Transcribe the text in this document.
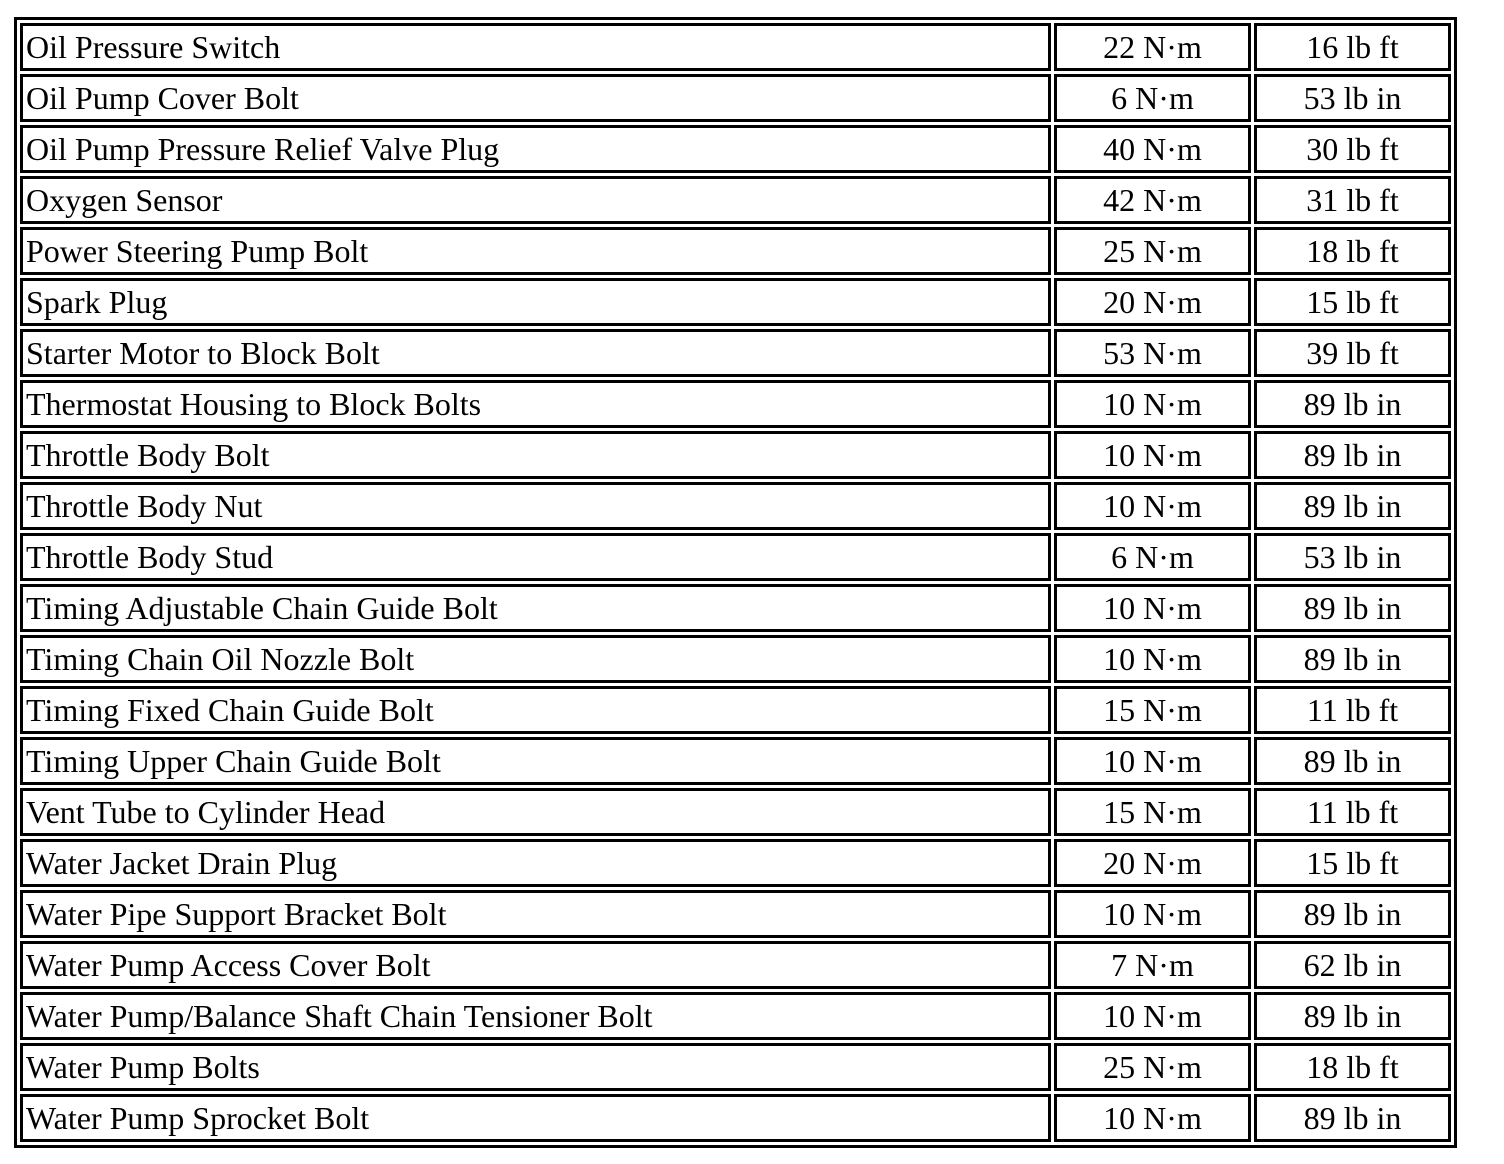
Oil Pressure Switch	22 N·m	16 lb ft
Oil Pump Cover Bolt	6 N·m	53 lb in
Oil Pump Pressure Relief Valve Plug	40 N·m	30 lb ft
Oxygen Sensor	42 N·m	31 lb ft
Power Steering Pump Bolt	25 N·m	18 lb ft
Spark Plug	20 N·m	15 lb ft
Starter Motor to Block Bolt	53 N·m	39 lb ft
Thermostat Housing to Block Bolts	10 N·m	89 lb in
Throttle Body Bolt	10 N·m	89 lb in
Throttle Body Nut	10 N·m	89 lb in
Throttle Body Stud	6 N·m	53 lb in
Timing Adjustable Chain Guide Bolt	10 N·m	89 lb in
Timing Chain Oil Nozzle Bolt	10 N·m	89 lb in
Timing Fixed Chain Guide Bolt	15 N·m	11 lb ft
Timing Upper Chain Guide Bolt	10 N·m	89 lb in
Vent Tube to Cylinder Head	15 N·m	11 lb ft
Water Jacket Drain Plug	20 N·m	15 lb ft
Water Pipe Support Bracket Bolt	10 N·m	89 lb in
Water Pump Access Cover Bolt	7 N·m	62 lb in
Water Pump/Balance Shaft Chain Tensioner Bolt	10 N·m	89 lb in
Water Pump Bolts	25 N·m	18 lb ft
Water Pump Sprocket Bolt	10 N·m	89 lb in
